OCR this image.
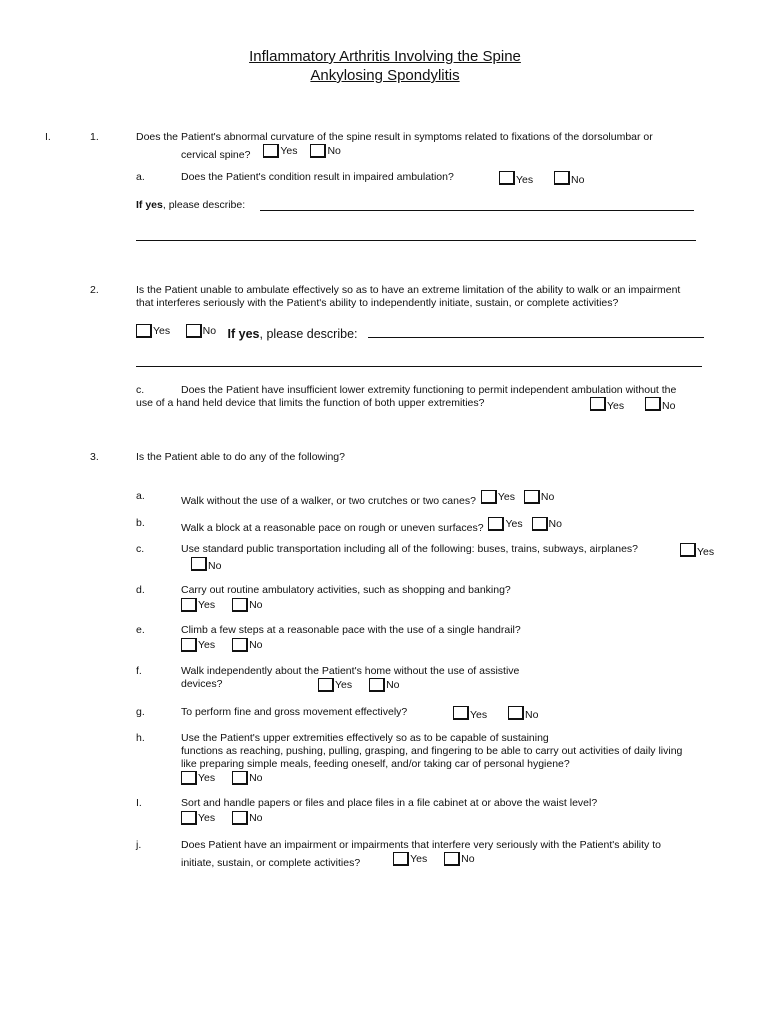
Inflammatory Arthritis Involving the Spine
Ankylosing Spondylitis
I.	1.	Does the Patient's abnormal curvature of the spine result in symptoms related to fixations of the dorsolumbar or
cervical spine?	Yes
	No
a.	Does the Patient's condition result in impaired ambulation?	Yes	No
If yes, please describe:
2.	Is the Patient unable to ambulate effectively so as to have an extreme limitation of the ability to walk or an impairment
that interferes seriously with the Patient's ability to independently initiate, sustain, or complete activities?
Yes
	No If yes, please describe:
c.	Does the Patient have insufficient lower extremity functioning to permit independent ambulation without the
use of a hand held device that limits the function of both upper extremities?	Yes	No
3.	Is the Patient able to do any of the following?
a.	Walk without the use of a walker, or two crutches or two canes? Yes
No
b.	Walk a block at a reasonable pace on rough or uneven surfaces? Yes
No
c.	Use standard public transportation including all of the following: buses, trains, subways, airplanes?	Yes
No
d.	Carry out routine ambulatory activities, such as shopping and banking?
Yes
	No
e.	Climb a few steps at a reasonable pace with the use of a single handrail?
Yes
	No
f.	Walk independently about the Patient's home without the use of assistive
devices?	Yes
	No
g.	To perform fine and gross movement effectively?	Yes	No
h.	Use the Patient's upper extremities effectively so as to be capable of sustaining
functions as reaching, pushing, pulling, grasping, and fingering to be able to carry out activities of daily living
like preparing simple meals, feeding oneself, and/or taking car of personal hygiene?
Yes
	No
I.	Sort and handle papers or files and place files in a file cabinet at or above the waist level?
Yes
	No
j.	Does Patient have an impairment or impairments that interfere very seriously with the Patient's ability to
initiate, sustain, or complete activities?	Yes
	No
